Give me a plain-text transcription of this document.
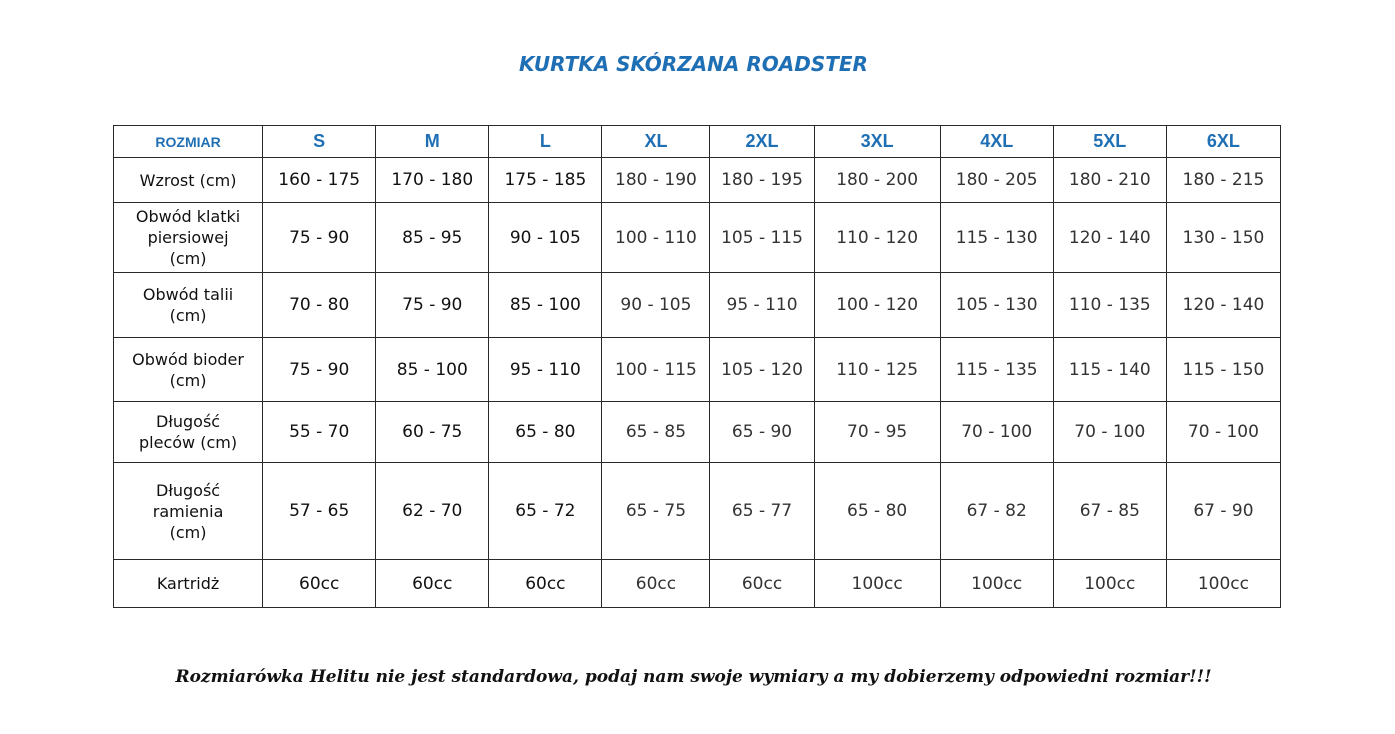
KURTKA SKÓRZANA ROADSTER
ROZMIAR	S	M	L	XL	2XL	3XL	4XL	5XL	6XL
Wzrost (cm)	160 - 175	170 - 180	175 - 185	180 - 190	180 - 195	180 - 200	180 - 205	180 - 210	180 - 215
Obwód klatki
piersiowej
(cm)	75 - 90	85 - 95	90 - 105	100 - 110	105 - 115	110 - 120	115 - 130	120 - 140	130 - 150
Obwód talii
(cm)	70 - 80	75 - 90	85 - 100	90 - 105	95 - 110	100 - 120	105 - 130	110 - 135	120 - 140
Obwód bioder
(cm)	75 - 90	85 - 100	95 - 110	100 - 115	105 - 120	110 - 125	115 - 135	115 - 140	115 - 150
Długość
pleców (cm)	55 - 70	60 - 75	65 - 80	65 - 85	65 - 90	70 - 95	70 - 100	70 - 100	70 - 100
Długość
ramienia
(cm)	57 - 65	62 - 70	65 - 72	65 - 75	65 - 77	65 - 80	67 - 82	67 - 85	67 - 90
Kartridż	60cc	60cc	60cc	60cc	60cc	100cc	100cc	100cc	100cc
Rozmiarówka Helitu nie jest standardowa, podaj nam swoje wymiary a my dobierzemy odpowiedni rozmiar!!!
